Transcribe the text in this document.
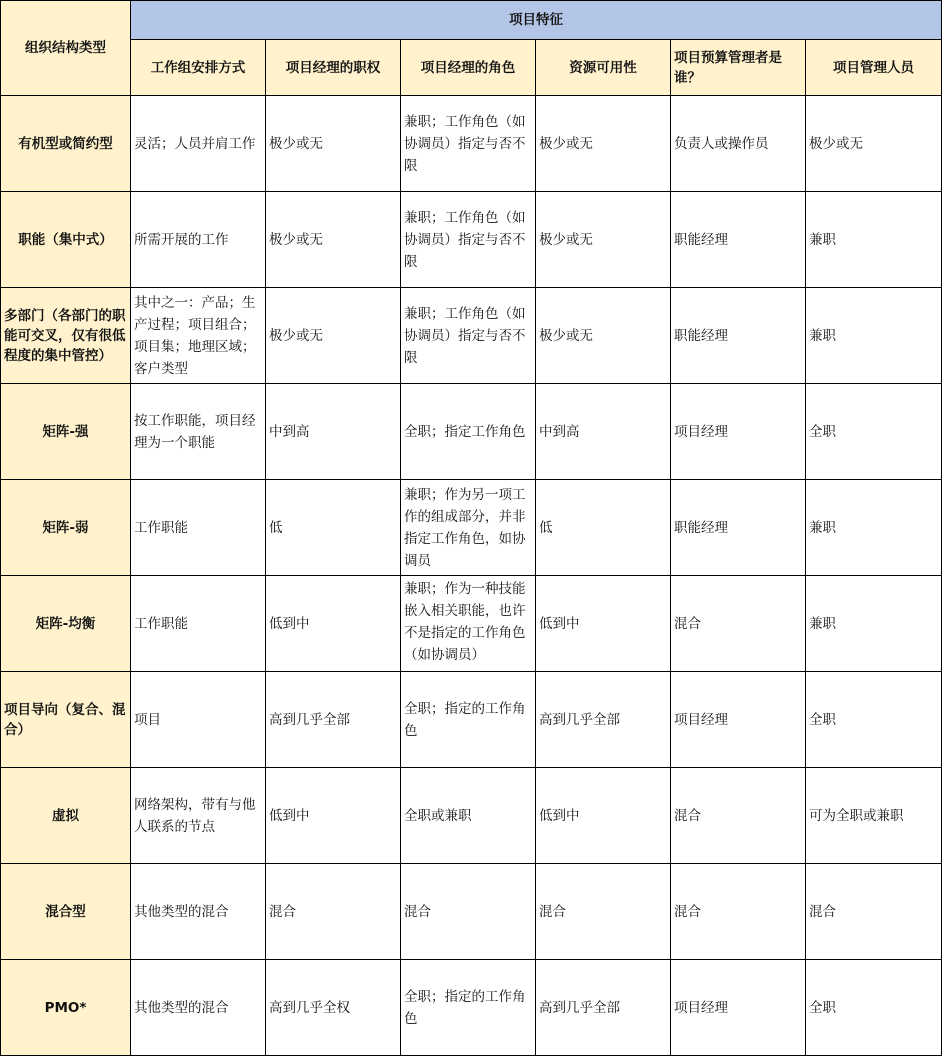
组织结构类型	项目特征					
	工作组安排方式	项目经理的职权	项目经理的角色	资源可用性	项目预算管理者是谁？	项目管理人员
有机型或简约型	灵活；人员并肩工作	极少或无	兼职；工作角色（如协调员）指定与否不限	极少或无	负责人或操作员	极少或无
职能（集中式）	所需开展的工作	极少或无	兼职；工作角色（如协调员）指定与否不限	极少或无	职能经理	兼职
多部门（各部门的职能可交叉，仅有很低程度的集中管控）	其中之一：产品；生产过程；项目组合；项目集；地理区域；客户类型	极少或无	兼职；工作角色（如协调员）指定与否不限	极少或无	职能经理	兼职
矩阵-强	按工作职能，项目经理为一个职能	中到高	全职；指定工作角色	中到高	项目经理	全职
矩阵-弱	工作职能	低	兼职；作为另一项工作的组成部分，并非指定工作角色，如协调员	低	职能经理	兼职
矩阵-均衡	工作职能	低到中	兼职；作为一种技能嵌入相关职能，也许不是指定的工作角色（如协调员）	低到中	混合	兼职
项目导向（复合、混合）	项目	高到几乎全部	全职；指定的工作角色	高到几乎全部	项目经理	全职
虚拟	网络架构，带有与他人联系的节点	低到中	全职或兼职	低到中	混合	可为全职或兼职
混合型	其他类型的混合	混合	混合	混合	混合	混合
PMO*	其他类型的混合	高到几乎全权	全职；指定的工作角色	高到几乎全部	项目经理	全职
